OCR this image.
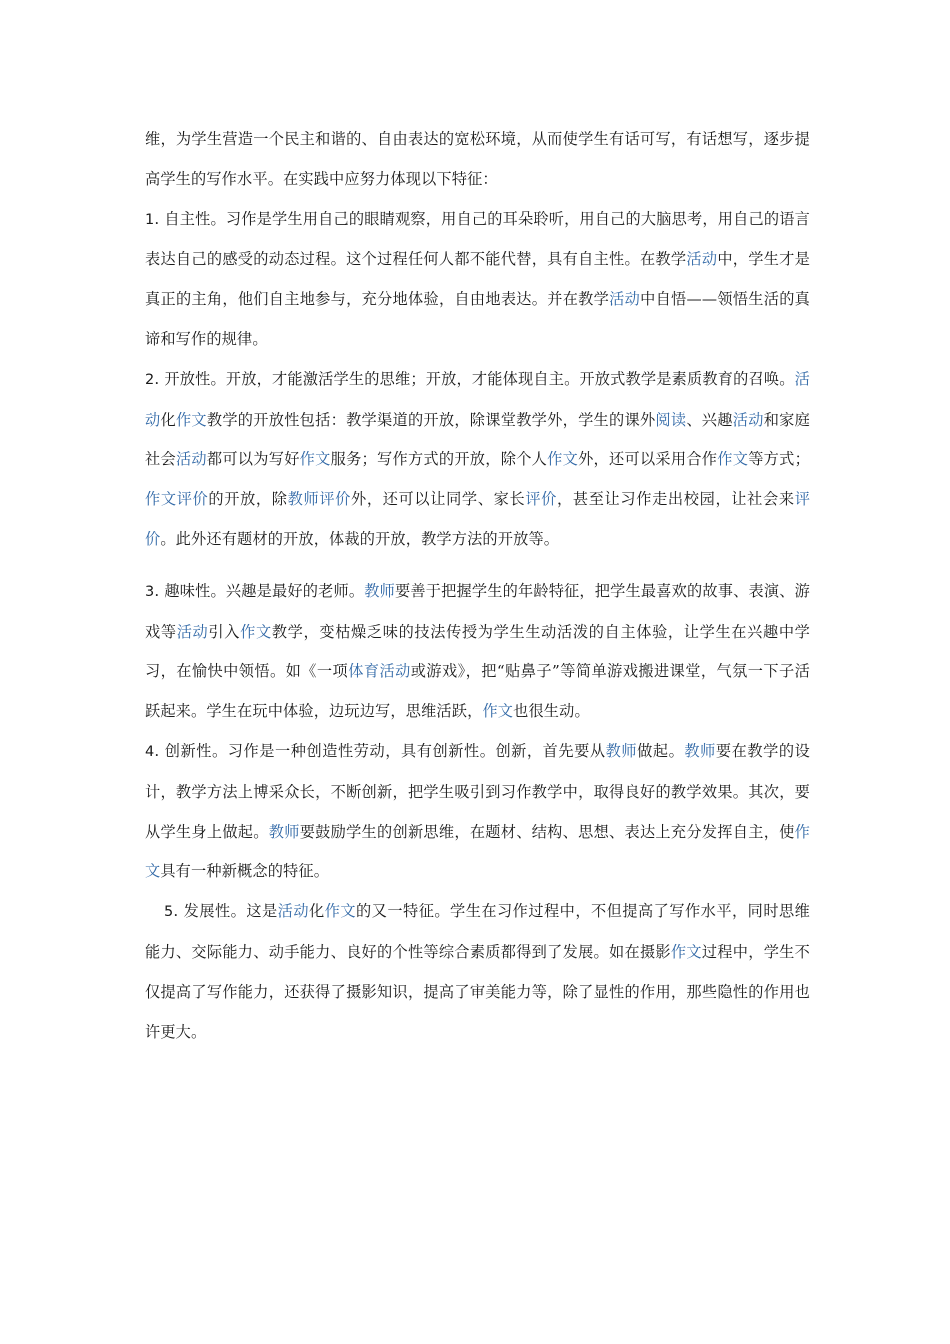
维，为学生营造一个民主和谐的、自由表达的宽松环境，从而使学生有话可写，有话想写，逐步提高学生的写作水平。在实践中应努力体现以下特征：

1. 自主性。习作是学生用自己的眼睛观察，用自己的耳朵聆听，用自己的大脑思考，用自己的语言表达自己的感受的动态过程。这个过程任何人都不能代替，具有自主性。在教学活动中，学生才是真正的主角，他们自主地参与，充分地体验，自由地表达。并在教学活动中自悟——领悟生活的真谛和写作的规律。

2. 开放性。开放，才能激活学生的思维；开放，才能体现自主。开放式教学是素质教育的召唤。活动化作文教学的开放性包括：教学渠道的开放，除课堂教学外，学生的课外阅读、兴趣活动和家庭社会活动都可以为写好作文服务；写作方式的开放，除个人作文外，还可以采用合作作文等方式；作文评价的开放，除教师评价外，还可以让同学、家长评价，甚至让习作走出校园，让社会来评价。此外还有题材的开放，体裁的开放，教学方法的开放等。

3. 趣味性。兴趣是最好的老师。教师要善于把握学生的年龄特征，把学生最喜欢的故事、表演、游戏等活动引入作文教学，变枯燥乏味的技法传授为学生生动活泼的自主体验，让学生在兴趣中学习，在愉快中领悟。如《一项体育活动或游戏》，把“贴鼻子”等简单游戏搬进课堂，气氛一下子活跃起来。学生在玩中体验，边玩边写，思维活跃，作文也很生动。

4. 创新性。习作是一种创造性劳动，具有创新性。创新，首先要从教师做起。教师要在教学的设计，教学方法上博采众长，不断创新，把学生吸引到习作教学中，取得良好的教学效果。其次，要从学生身上做起。教师要鼓励学生的创新思维，在题材、结构、思想、表达上充分发挥自主，使作文具有一种新概念的特征。

5. 发展性。这是活动化作文的又一特征。学生在习作过程中，不但提高了写作水平，同时思维能力、交际能力、动手能力、良好的个性等综合素质都得到了发展。如在摄影作文过程中，学生不仅提高了写作能力，还获得了摄影知识，提高了审美能力等，除了显性的作用，那些隐性的作用也许更大。
